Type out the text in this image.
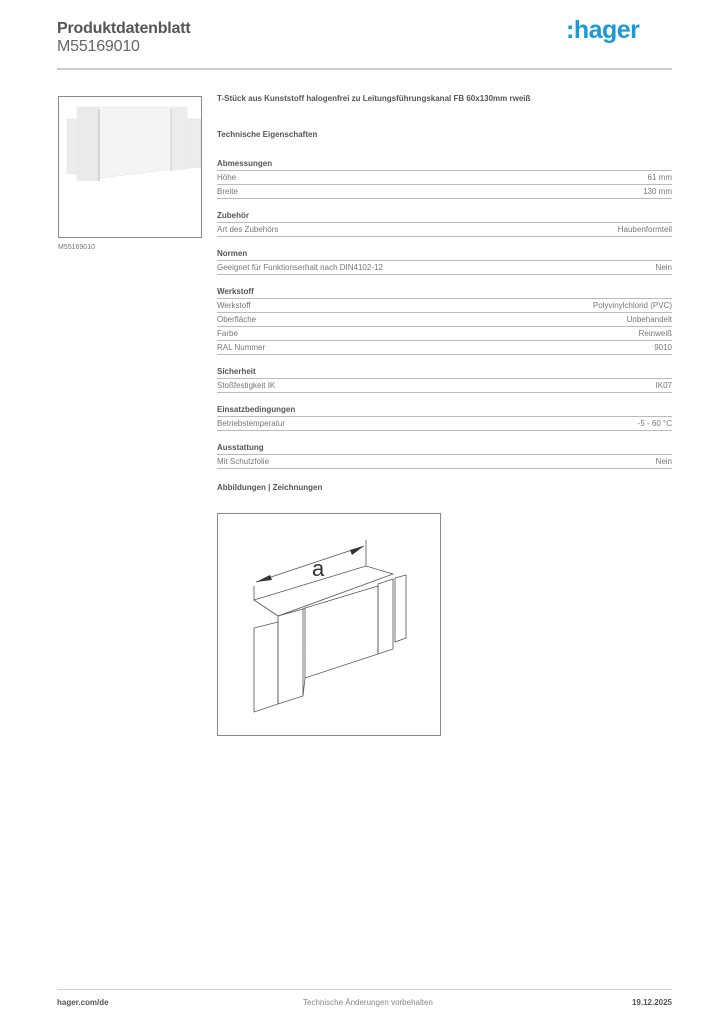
Produktdatenblatt
M55169010
:hager
M55169010
T-Stück aus Kunststoff halogenfrei zu Leitungsführungskanal FB 60x130mm rweiß
Technische Eigenschaften
Abmessungen
Höhe	61 mm
Breite	130 mm
Zubehör
Art des Zubehörs	Haubenformteil
Normen
Geeignet für Funktionserhalt nach DIN4102-12	Nein
Werkstoff
Werkstoff	Polyvinylchlorid (PVC)
Oberfläche	Unbehandelt
Farbe	Reinweiß
RAL Nummer	9010
Sicherheit
Stoßfestigkeit IK	IK07
Einsatzbedingungen
Betriebstemperatur	-5 - 60 °C
Ausstattung
Mit Schutzfolie	Nein
Abbildungen | Zeichnungen
a
hager.com/de	Technische Änderungen vorbehalten	19.12.2025
